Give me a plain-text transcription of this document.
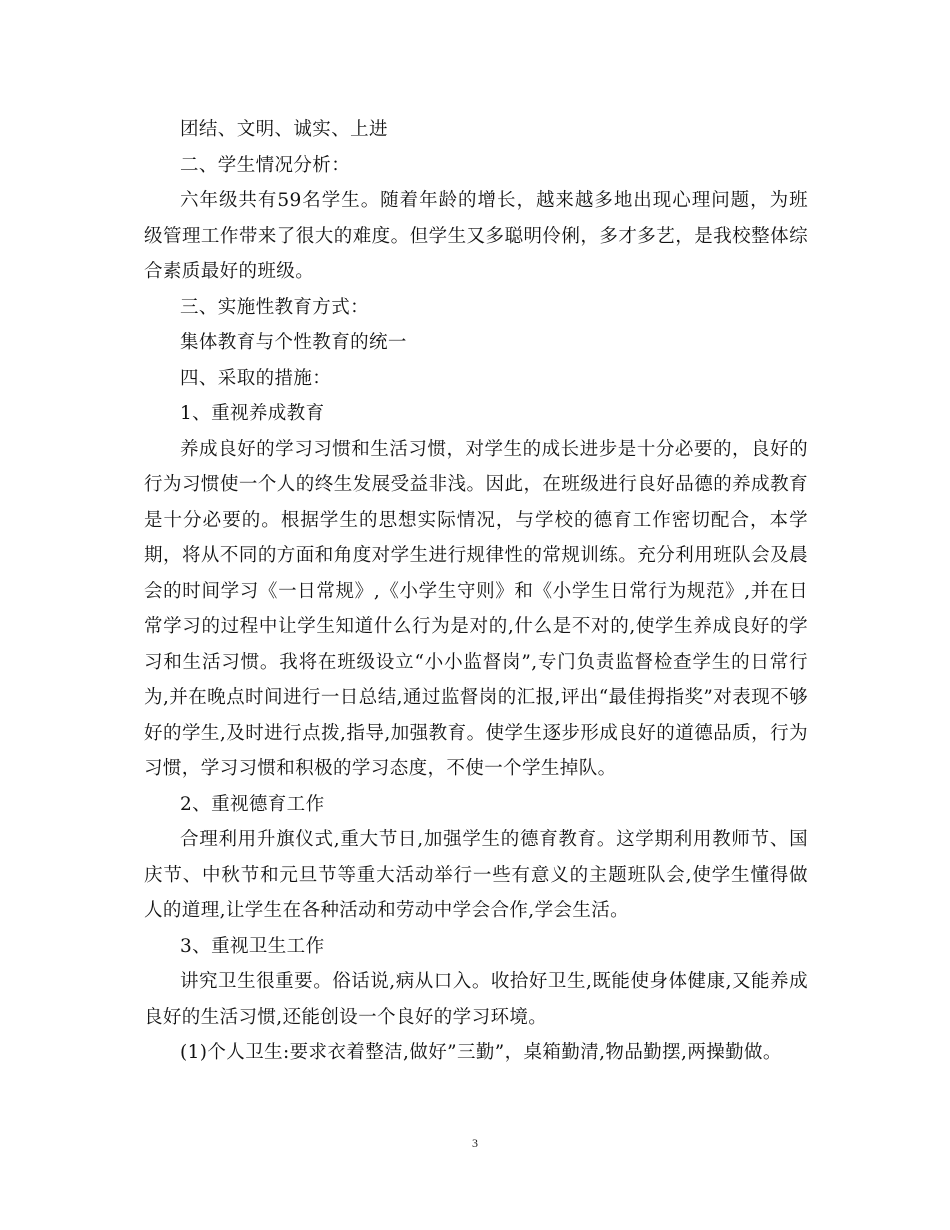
团结、文明、诚实、上进

二、学生情况分析：

六年级共有59名学生。随着年龄的增长，越来越多地出现心理问题，为班级管理工作带来了很大的难度。但学生又多聪明伶俐，多才多艺，是我校整体综合素质最好的班级。

三、实施性教育方式：

集体教育与个性教育的统一

四、采取的措施：

1、重视养成教育

养成良好的学习习惯和生活习惯，对学生的成长进步是十分必要的，良好的行为习惯使一个人的终生发展受益非浅。因此，在班级进行良好品德的养成教育是十分必要的。根据学生的思想实际情况，与学校的德育工作密切配合，本学期，将从不同的方面和角度对学生进行规律性的常规训练。充分利用班队会及晨会的时间学习《一日常规》,《小学生守则》和《小学生日常行为规范》,并在日常学习的过程中让学生知道什么行为是对的,什么是不对的,使学生养成良好的学习和生活习惯。我将在班级设立“小小监督岗”,专门负责监督检查学生的日常行为,并在晚点时间进行一日总结,通过监督岗的汇报,评出“最佳拇指奖”对表现不够好的学生,及时进行点拨,指导,加强教育。使学生逐步形成良好的道德品质，行为习惯，学习习惯和积极的学习态度，不使一个学生掉队。

2、重视德育工作

合理利用升旗仪式,重大节日,加强学生的德育教育。这学期利用教师节、国庆节、中秋节和元旦节等重大活动举行一些有意义的主题班队会,使学生懂得做人的道理,让学生在各种活动和劳动中学会合作,学会生活。

3、重视卫生工作

讲究卫生很重要。俗话说,病从口入。收拾好卫生,既能使身体健康,又能养成良好的生活习惯,还能创设一个良好的学习环境。

(1)个人卫生:要求衣着整洁,做好”三勤”，桌箱勤清,物品勤摆,两操勤做。

3
